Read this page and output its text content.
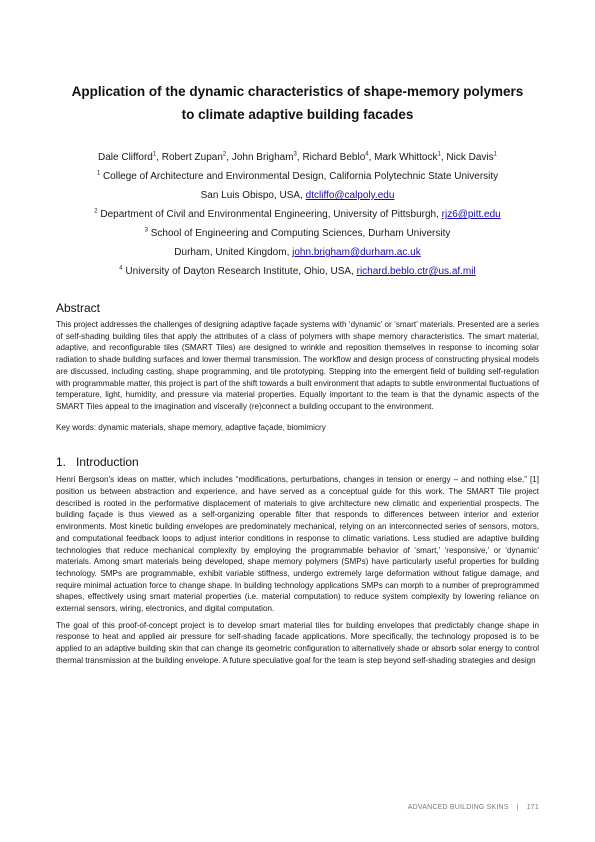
Application of the dynamic characteristics of shape-memory polymers
to climate adaptive building facades
Dale Clifford$^1$, Robert Zupan$^2$, John Brigham$^3$, Richard Beblo$^4$, Mark Whittock$^1$, Nick Davis$^1$
$^1$ College of Architecture and Environmental Design, California Polytechnic State University
San Luis Obispo, USA, dtcliffo@calpoly.edu
$^2$ Department of Civil and Environmental Engineering, University of Pittsburgh, rjz6@pitt.edu
$^3$ School of Engineering and Computing Sciences, Durham University
Durham, United Kingdom, john.brigham@durham.ac.uk
$^4$ University of Dayton Research Institute, Ohio, USA, richard.beblo.ctr@us.af.mil
Abstract

This project addresses the challenges of designing adaptive façade systems with ‘dynamic’ or ‘smart’ materials. Presented are a series of self-shading building tiles that apply the attributes of a class of polymers with shape memory characteristics. The smart material, adaptive, and reconfigurable tiles (SMART Tiles) are designed to wrinkle and reposition themselves in response to incoming solar radiation to shade building surfaces and lower thermal transmission. The workflow and design process of constructing physical models are discussed, including casting, shape programming, and tile prototyping. Stepping into the emergent field of building self-regulation with programmable matter, this project is part of the shift towards a built environment that adapts to subtle environmental fluctuations of temperature, light, humidity, and pressure via material properties. Equally important to the team is that the dynamic aspects of the SMART Tiles appeal to the imagination and viscerally (re)connect a building occupant to the environment.

Key words: dynamic materials, shape memory, adaptive façade, biomimicry
1. Introduction

Henri Bergson’s ideas on matter, which includes “modifications, perturbations, changes in tension or energy – and nothing else,” [1] position us between abstraction and experience, and have served as a conceptual guide for this work. The SMART Tile project described is rooted in the performative displacement of materials to give architecture new climatic and experiential prospects. The building façade is thus viewed as a self-organizing operable filter that responds to differences between interior and exterior environments. Most kinetic building envelopes are predominately mechanical, relying on an interconnected series of sensors, motors, and computational feedback loops to adjust interior conditions in response to climatic variations. Less studied are adaptive building technologies that reduce mechanical complexity by employing the programmable behavior of ‘smart,’ ‘responsive,’ or ‘dynamic’ materials. Among smart materials being developed, shape memory polymers (SMPs) have particularly useful properties for building technology. SMPs are programmable, exhibit variable stiffness, undergo extremely large deformation without fatigue damage, and require minimal actuation force to change shape. In building technology applications SMPs can morph to a number of preprogrammed shapes, effectively using smart material properties (i.e. material computation) to reduce system complexity by lowering reliance on external sensors, wiring, electronics, and digital computation.

The goal of this proof-of-concept project is to develop smart material tiles for building envelopes that predictably change shape in response to heat and applied air pressure for self-shading facade applications. More specifically, the technology proposed is to be applied to an adaptive building skin that can change its geometric configuration to alternatively shade or absorb solar energy to control thermal transmission at the building envelope. A future speculative goal for the team is step beyond self-shading strategies and design

ADVANCED BUILDING SKINS | 171
